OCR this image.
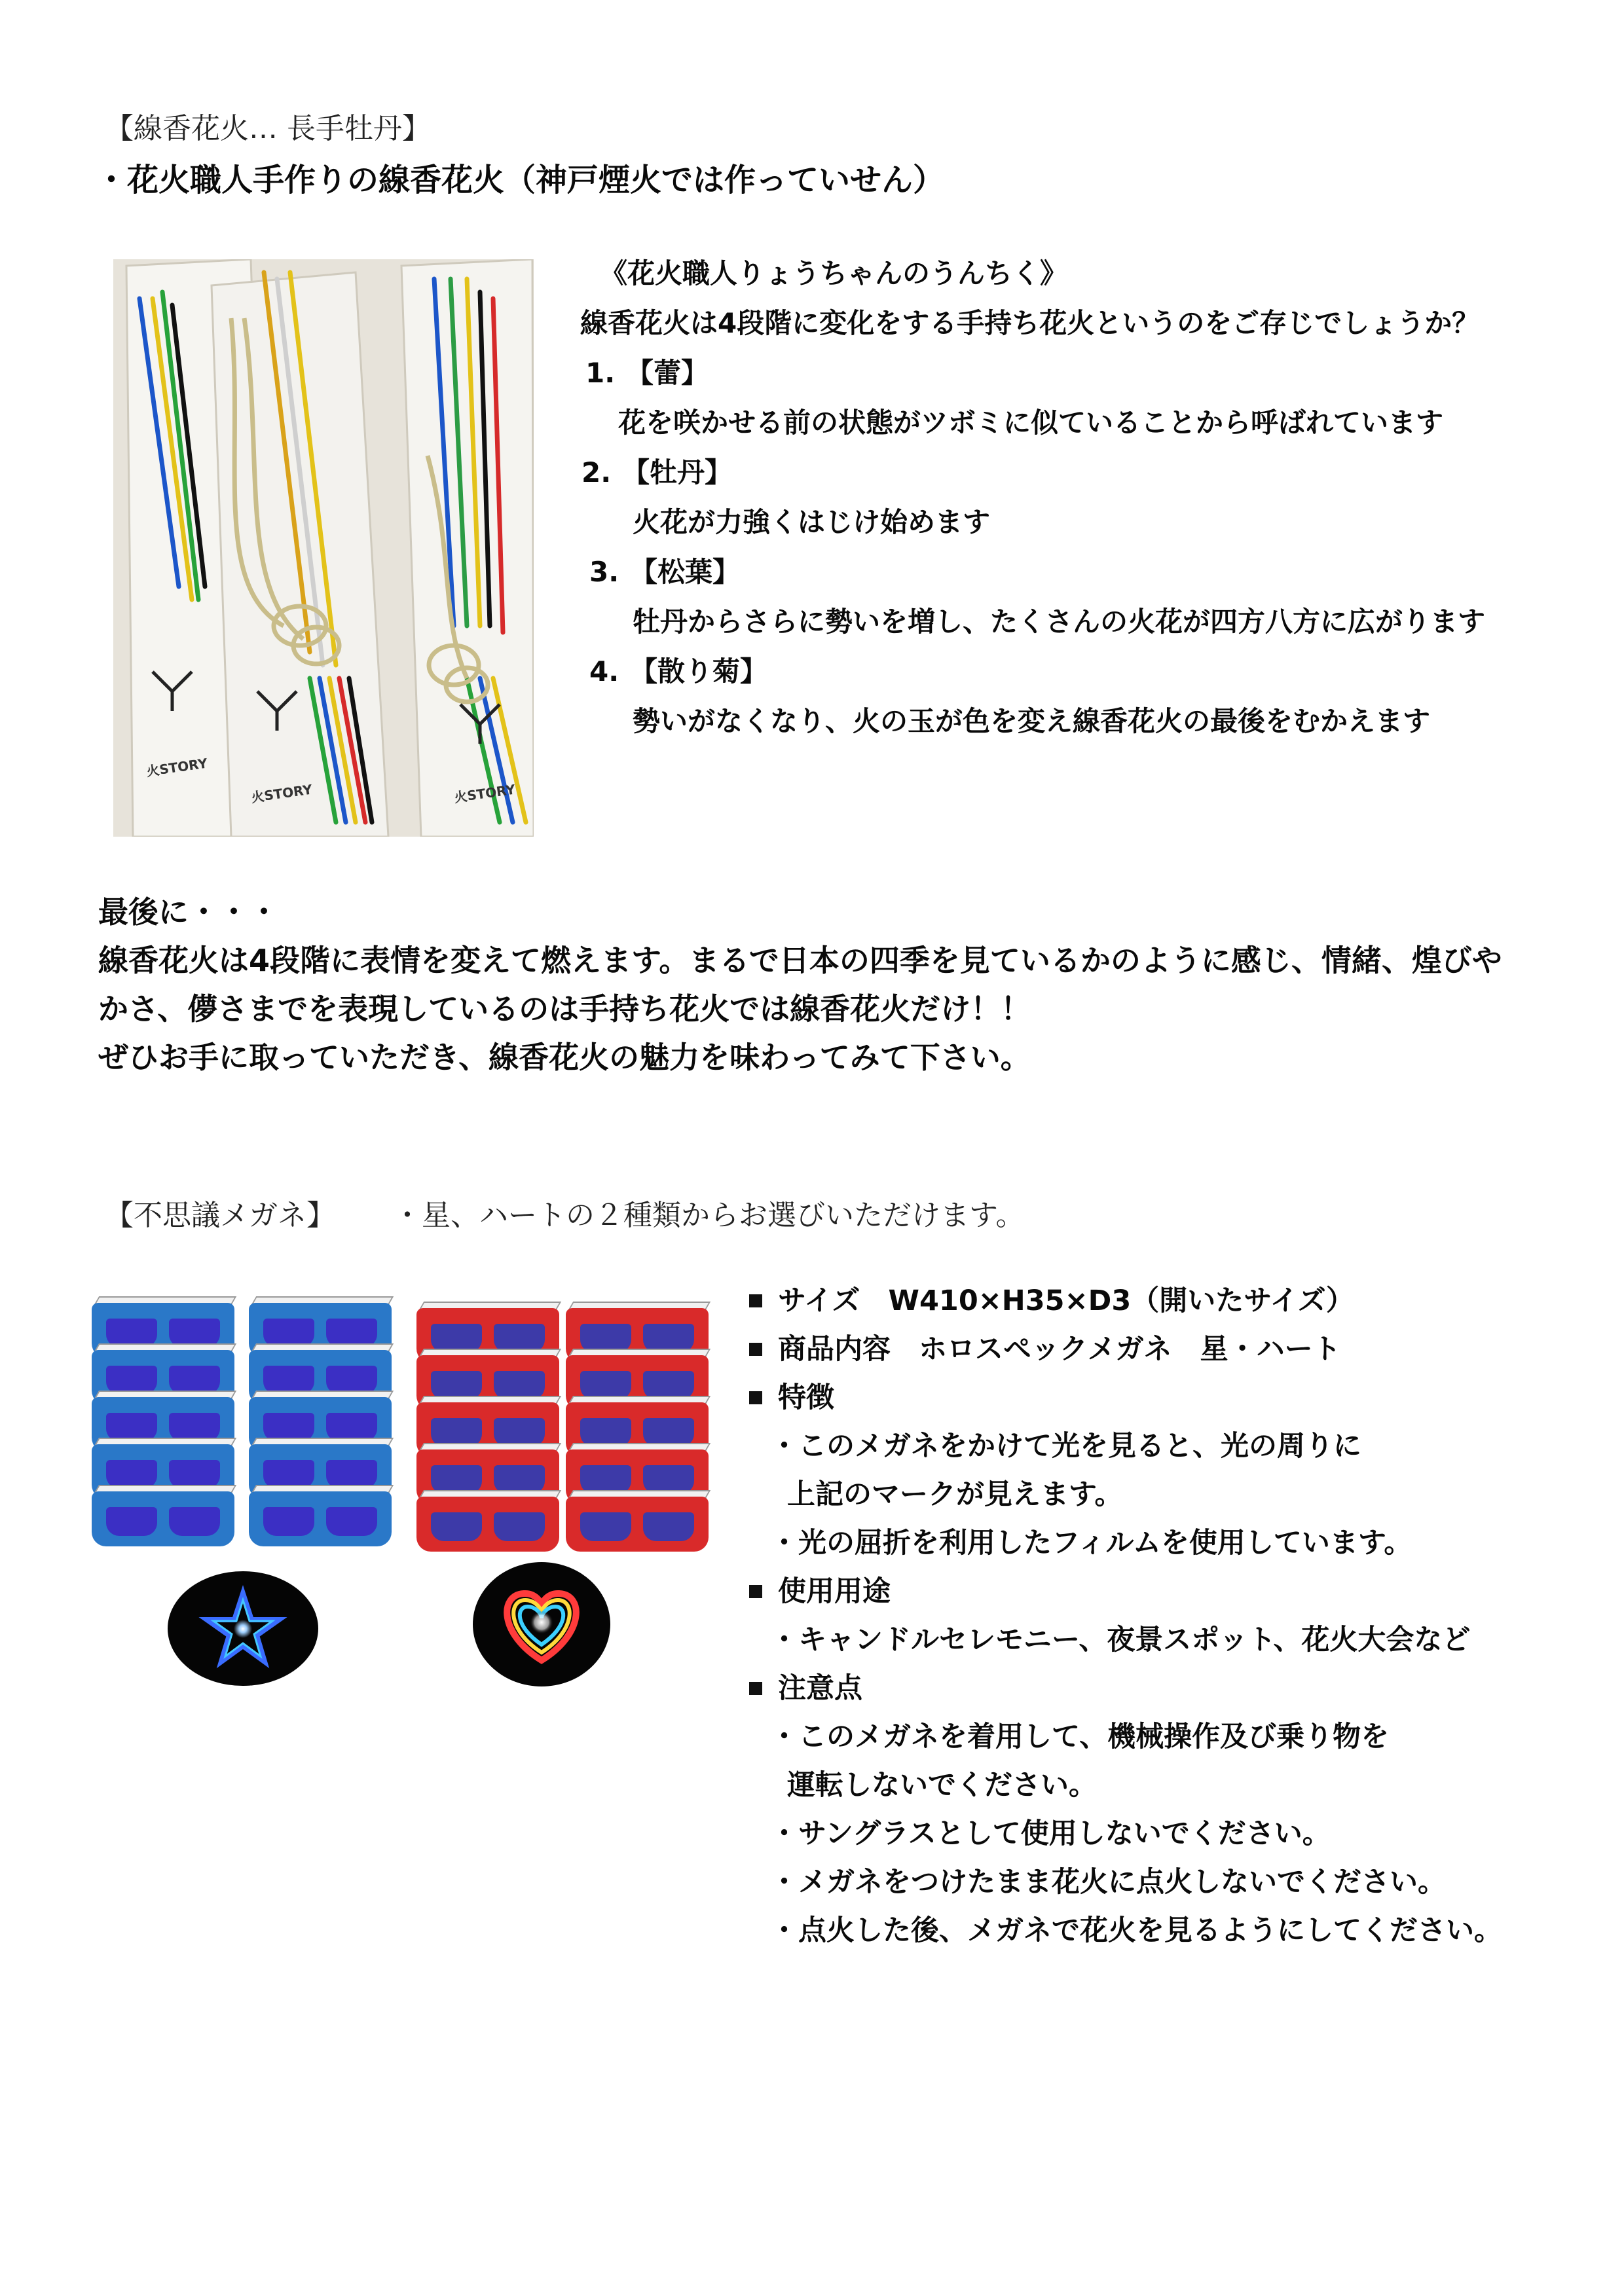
【線香花火… 長手牡丹】
・花火職人手作りの線香花火（神戸煙火では作っていせん）
火STORY
火STORY	火STORY
《花火職人りょうちゃんのうんちく》
線香花火は4段階に変化をする手持ち花火というのをご存じでしょうか？
1. 【蕾】
花を咲かせる前の状態がツボミに似ていることから呼ばれています
2. 【牡丹】
火花が力強くはじけ始めます
3. 【松葉】
牡丹からさらに勢いを増し、たくさんの火花が四方八方に広がります
4. 【散り菊】
勢いがなくなり、火の玉が色を変え線香花火の最後をむかえます
最後に・・・
線香花火は4段階に表情を変えて燃えます。まるで日本の四季を見ているかのように感じ、情緒、煌びや
かさ、儚さまでを表現しているのは手持ち花火では線香花火だけ！！
ぜひお手に取っていただき、線香花火の魅力を味わってみて下さい。
【不思議メガネ】 ・星、ハートの２種類からお選びいただけます。
サイズ　W410×H35×D3（開いたサイズ）
商品内容　ホロスペックメガネ　星・ハート
特徴
・このメガネをかけて光を見ると、光の周りに
上記のマークが見えます。
・光の屈折を利用したフィルムを使用しています。
使用用途
・キャンドルセレモニー、夜景スポット、花火大会など
注意点
・このメガネを着用して、機械操作及び乗り物を
運転しないでください。
・サングラスとして使用しないでください。
・メガネをつけたまま花火に点火しないでください。
・点火した後、メガネで花火を見るようにしてください。
